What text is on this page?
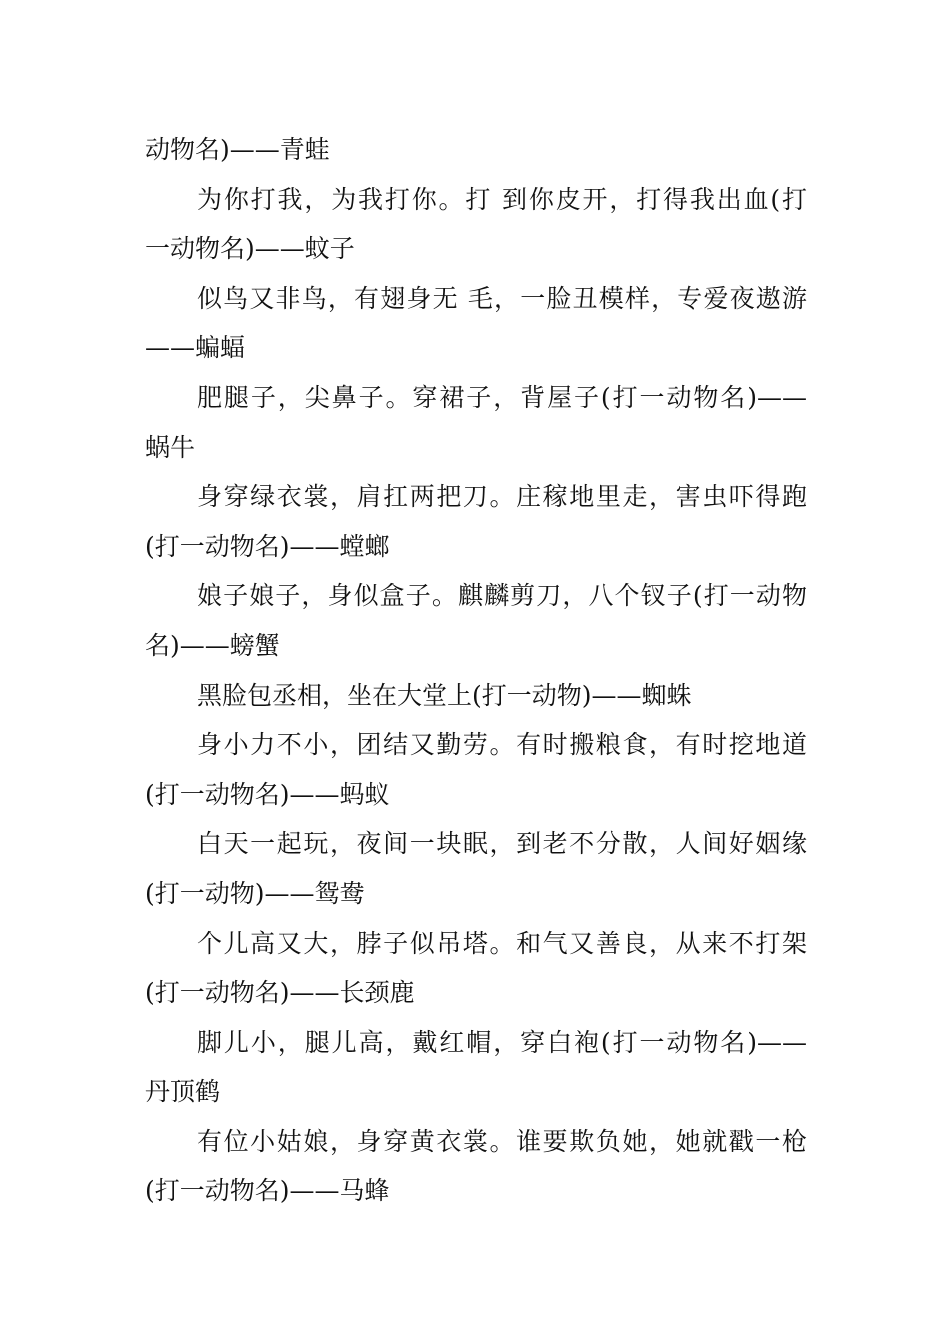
动物名)——青蛙
为你打我，为我打你。打 到你皮开，打得我出血(打
一动物名)——蚊子
似鸟又非鸟，有翅身无 毛，一脸丑模样，专爱夜遨游
——蝙蝠
肥腿子，尖鼻子。穿裙子，背屋子(打一动物名)——
蜗牛
身穿绿衣裳，肩扛两把刀。庄稼地里走，害虫吓得跑
(打一动物名)——螳螂
娘子娘子，身似盒子。麒麟剪刀，八个钗子(打一动物
名)——螃蟹
黑脸包丞相，坐在大堂上(打一动物)——蜘蛛
身小力不小，团结又勤劳。有时搬粮食，有时挖地道
(打一动物名)——蚂蚁
白天一起玩，夜间一块眠，到老不分散，人间好姻缘
(打一动物)——鸳鸯
个儿高又大，脖子似吊塔。和气又善良，从来不打架
(打一动物名)——长颈鹿
脚儿小，腿儿高，戴红帽，穿白袍(打一动物名)——
丹顶鹤
有位小姑娘，身穿黄衣裳。谁要欺负她，她就戳一枪
(打一动物名)——马蜂
